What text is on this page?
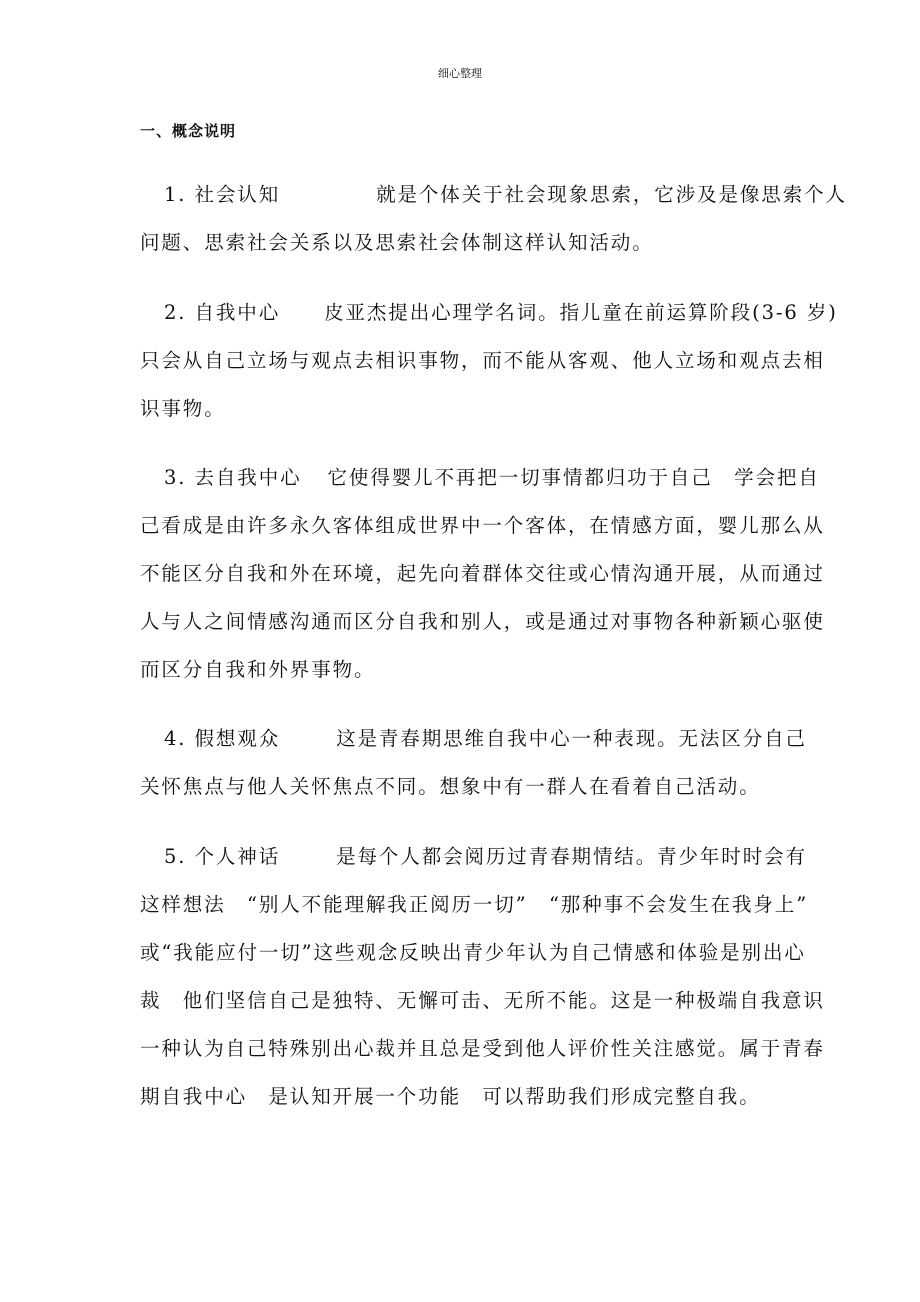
细心整理
一、概念说明
1. 社会认知	就是个体关于社会现象思索，它涉及是像思索个人
问题、思索社会关系以及思索社会体制这样认知活动。
2. 自我中心 皮亚杰提出心理学名词。指儿童在前运算阶段(3-6 岁)
只会从自己立场与观点去相识事物，而不能从客观、他人立场和观点去相
识事物。
3. 去自我中心 它使得婴儿不再把一切事情都归功于自己　学会把自
己看成是由许多永久客体组成世界中一个客体，在情感方面，婴儿那么从
不能区分自我和外在环境，起先向着群体交往或心情沟通开展，从而通过
人与人之间情感沟通而区分自我和别人，或是通过对事物各种新颖心驱使
而区分自我和外界事物。
4. 假想观众	这是青春期思维自我中心一种表现。无法区分自己
关怀焦点与他人关怀焦点不同。想象中有一群人在看着自己活动。
5. 个人神话	是每个人都会阅历过青春期情结。青少年时时会有
这样想法　“别人不能理解我正阅历一切”　“那种事不会发生在我身上”
或“我能应付一切”这些观念反映出青少年认为自己情感和体验是别出心
裁　他们坚信自己是独特、无懈可击、无所不能。这是一种极端自我意识
一种认为自己特殊别出心裁并且总是受到他人评价性关注感觉。属于青春
期自我中心　是认知开展一个功能　可以帮助我们形成完整自我。
